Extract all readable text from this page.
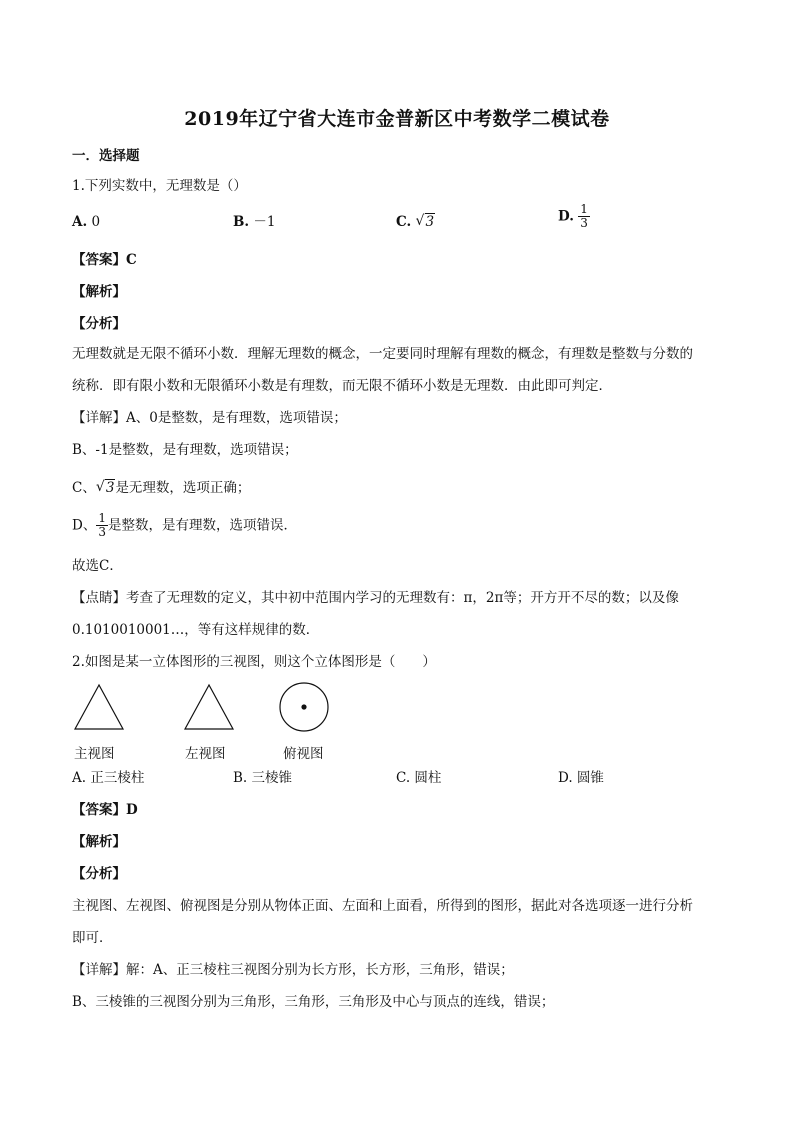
2019年辽宁省大连市金普新区中考数学二模试卷
一．选择题
1.下列实数中，无理数是（）
A. 0	B. －1	C. √ 3	D. $\frac{1}{3}$
【答案】C
【解析】
【分析】
无理数就是无限不循环小数．理解无理数的概念，一定要同时理解有理数的概念，有理数是整数与分数的
统称．即有限小数和无限循环小数是有理数，而无限不循环小数是无理数．由此即可判定．
【详解】A、0是整数，是有理数，选项错误；
B、-1是整数，是有理数，选项错误；
C、 √ 3是无理数，选项正确；
D、 $\frac{1}{3}$ 是整数，是有理数，选项错误．
故选C．
【点睛】考查了无理数的定义，其中初中范围内学习的无理数有：π，2π等；开方开不尽的数；以及像
0.1010010001…，等有这样规律的数．
2.如图是某一立体图形的三视图，则这个立体图形是（　　）
主视图	左视图	俯视图
A. 正三棱柱	B. 三棱锥	C. 圆柱	D. 圆锥
【答案】D
【解析】
【分析】
主视图、左视图、俯视图是分别从物体正面、左面和上面看，所得到的图形，据此对各选项逐一进行分析
即可．
【详解】解：A、正三棱柱三视图分别为长方形，长方形，三角形，错误；
B、三棱锥的三视图分别为三角形，三角形，三角形及中心与顶点的连线，错误；
